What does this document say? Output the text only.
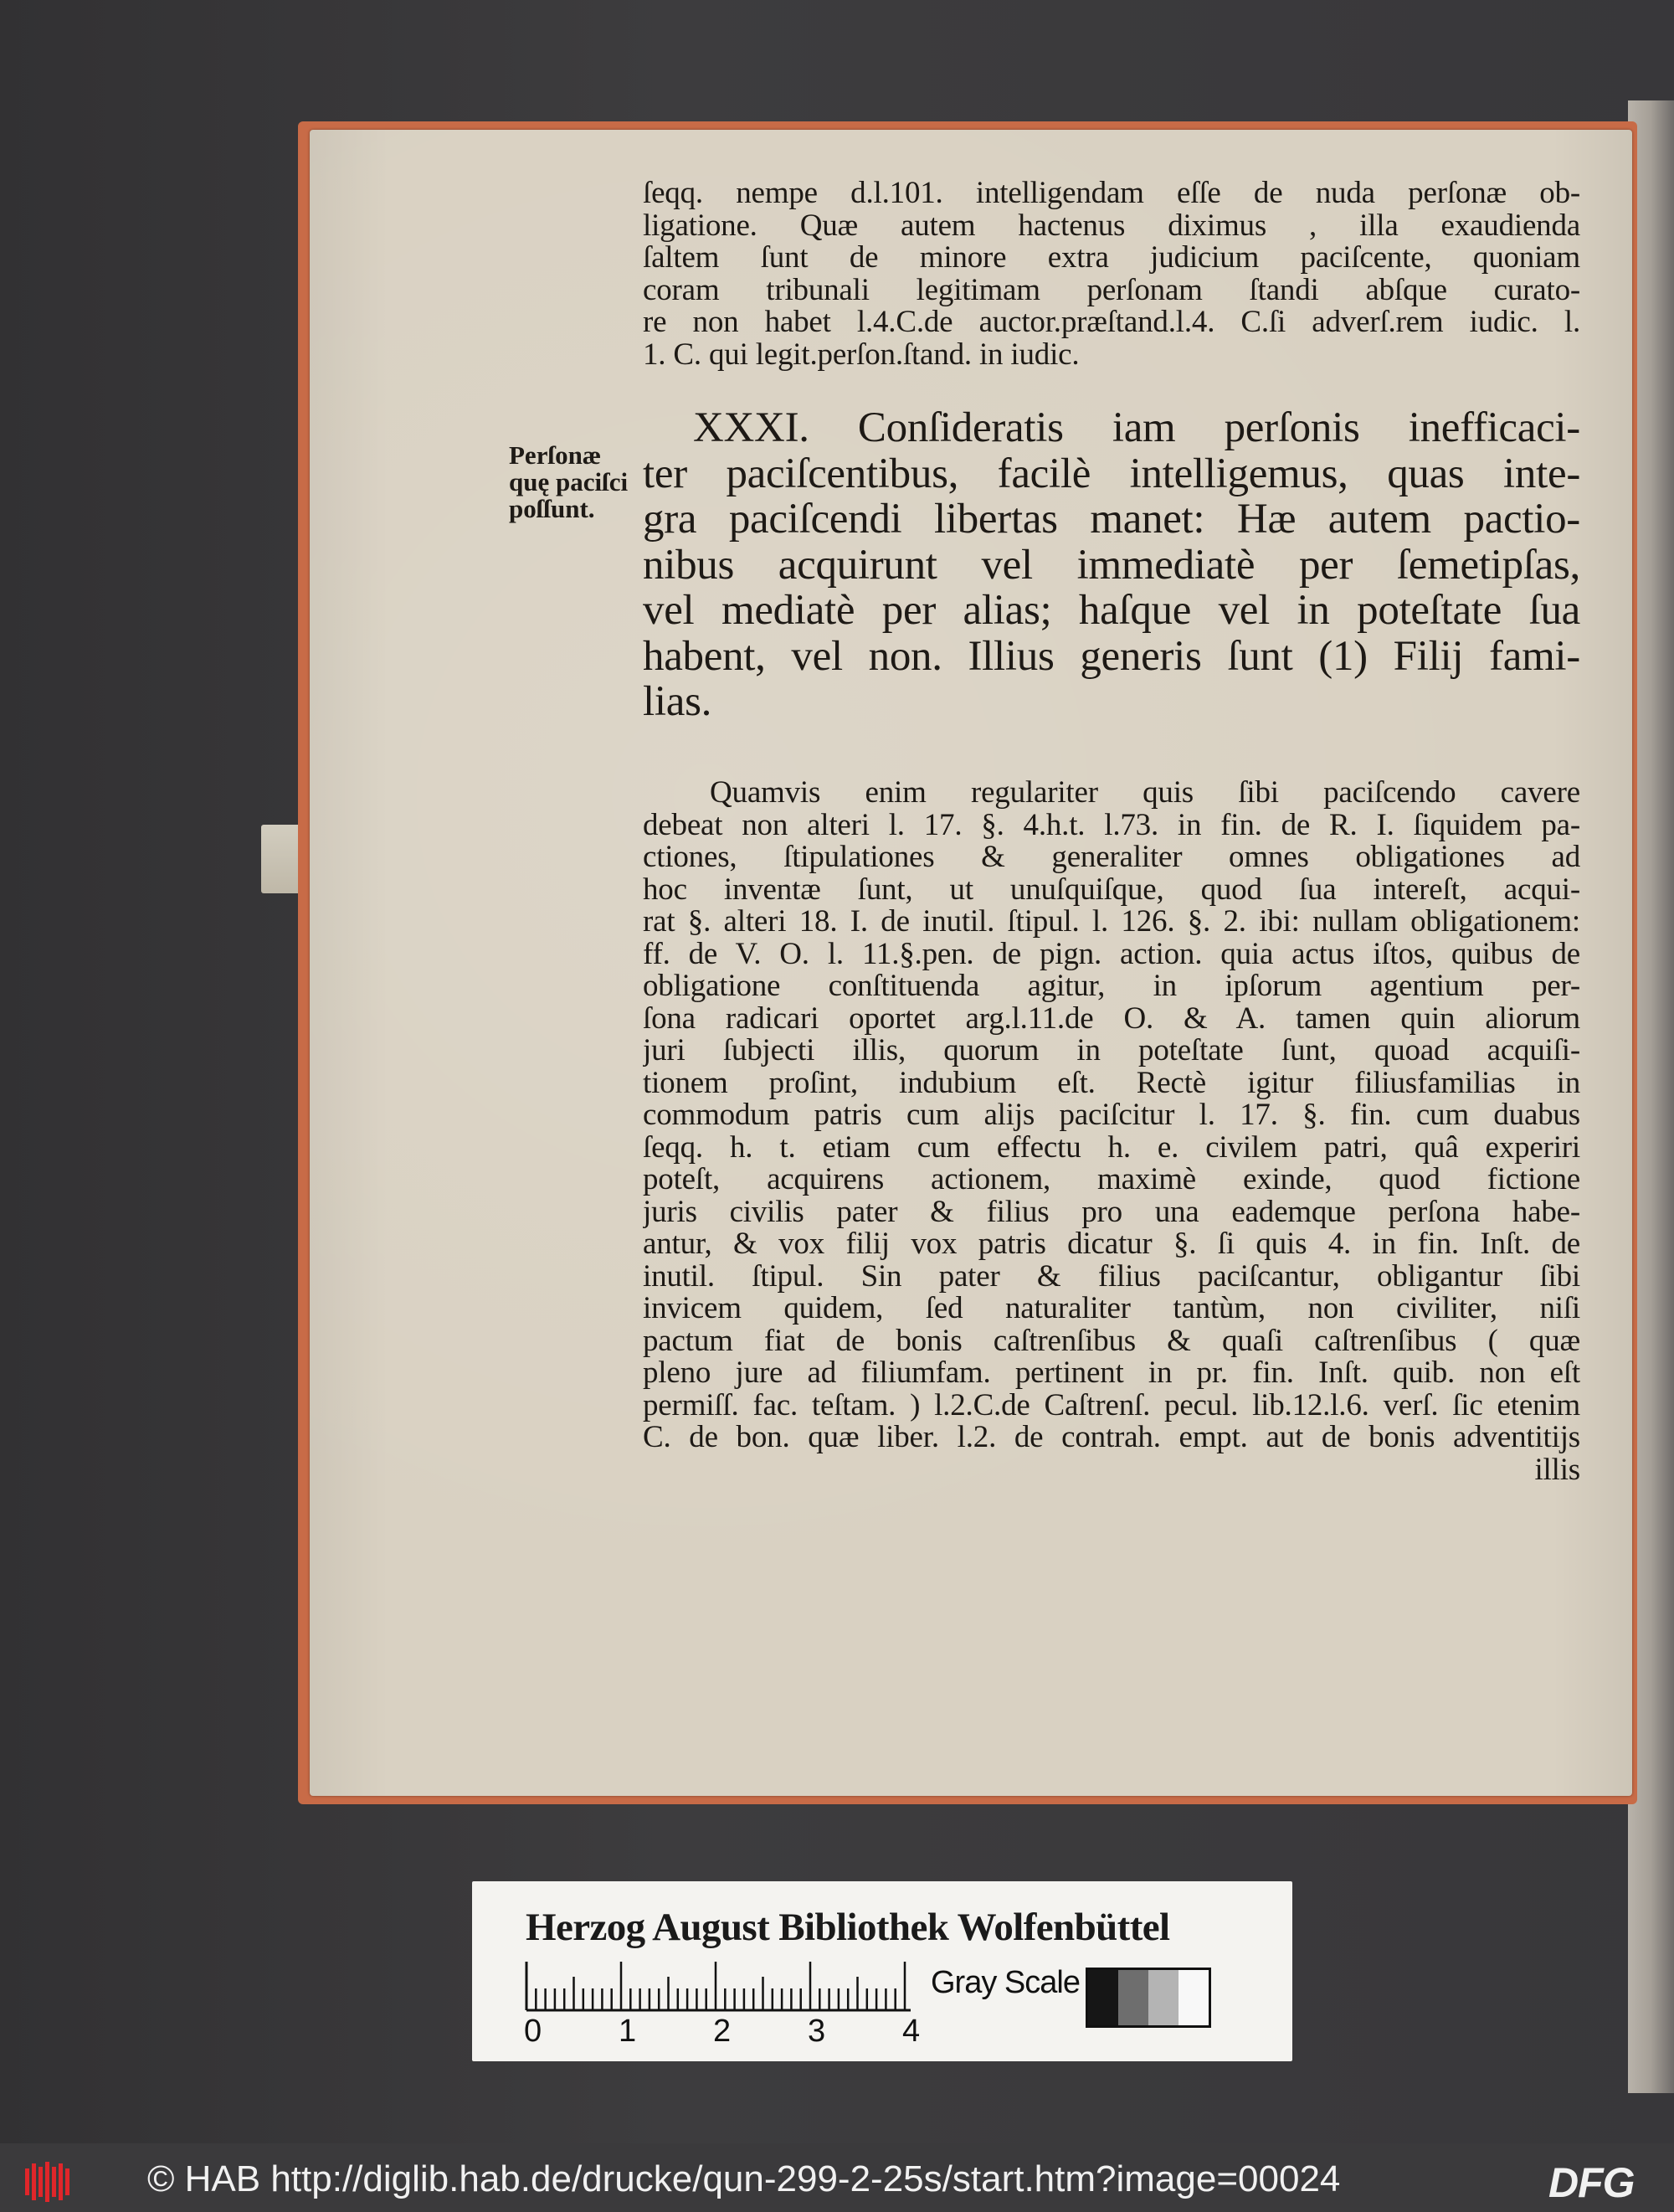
Perſonæ
quę paciſci
poſſunt.
ſeqq. nempe d.l.101. intelligendam eſſe de nuda perſonæ ob-
ligatione. Quæ autem hactenus diximus , illa exaudienda
ſaltem ſunt de minore extra judicium paciſcente, quoniam
coram tribunali legitimam perſonam ſtandi abſque curato-
re non habet l.4.C.de auctor.præſtand.l.4. C.ſi adverſ.rem iudic. l.
1. C. qui legit.perſon.ſtand. in iudic.
XXXI. Conſideratis iam perſonis inefficaci-
ter paciſcentibus, facilè intelligemus, quas inte-
gra paciſcendi libertas manet: Hæ autem pactio-
nibus acquirunt vel immediatè per ſemetipſas,
vel mediatè per alias; haſque vel in poteſtate ſua
habent, vel non. Illius generis ſunt (1) Filij fami-
lias.
Quamvis enim regulariter quis ſibi paciſcendo cavere
debeat non alteri l. 17. §. 4.h.t. l.73. in fin. de R. I. ſiquidem pa-
ctiones, ſtipulationes & generaliter omnes obligationes ad
hoc inventæ ſunt, ut unuſquiſque, quod ſua intereſt, acqui-
rat §. alteri 18. I. de inutil. ſtipul. l. 126. §. 2. ibi: nullam obligationem:
ff. de V. O. l. 11.§.pen. de pign. action. quia actus iſtos, quibus de
obligatione conſtituenda agitur, in ipſorum agentium per-
ſona radicari oportet arg.l.11.de O. & A. tamen quin aliorum
juri ſubjecti illis, quorum in poteſtate ſunt, quoad acquiſi-
tionem proſint, indubium eſt. Rectè igitur filiusfamilias in
commodum patris cum alijs paciſcitur l. 17. §. fin. cum duabus
ſeqq. h. t. etiam cum effectu h. e. civilem patri, quâ experiri
poteſt, acquirens actionem, maximè exinde, quod fictione
juris civilis pater & filius pro una eademque perſona habe-
antur, & vox filij vox patris dicatur §. ſi quis 4. in fin. Inſt. de
inutil. ſtipul. Sin pater & filius paciſcantur, obligantur ſibi
invicem quidem, ſed naturaliter tantùm, non civiliter, niſi
pactum fiat de bonis caſtrenſibus & quaſi caſtrenſibus ( quæ
pleno jure ad filiumfam. pertinent in pr. fin. Inſt. quib. non eſt
permiſſ. fac. teſtam. ) l.2.C.de Caſtrenſ. pecul. lib.12.l.6. verſ. ſic etenim
C. de bon. quæ liber. l.2. de contrah. empt. aut de bonis adventitijs
illis
Herzog August Bibliothek Wolfenbüttel
0 1 2 3 4
Gray Scale
© HAB http://diglib.hab.de/drucke/qun-299-2-25s/start.htm?image=00024	DFG
